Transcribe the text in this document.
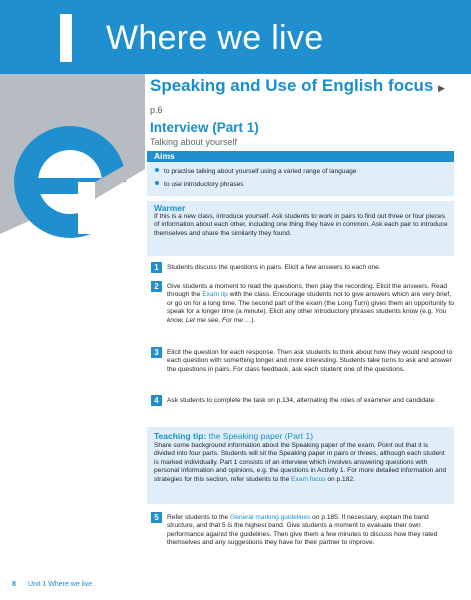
Where we live
Speaking and Use of English focus ▶ p.6
Interview (Part 1)
Talking about yourself
Aims
to practise talking about yourself using a varied range of language
to use introductory phrases
Warmer
If this is a new class, introduce yourself. Ask students to work in pairs to find out three or four pieces of information about each other, including one thing they have in common. Ask each pair to introduce themselves and share the similarity they found.
1	Students discuss the questions in pairs. Elicit a few answers to each one.
2	Give students a moment to read the questions, then play the recording. Elicit the answers. Read through the Exam tip with the class. Encourage students not to give answers which are very brief, or go on for a long time. The second part of the exam (the Long Turn) gives them an opportunity to speak for a longer time (a minute). Elicit any other introductory phrases students know (e.g. You know, Let me see, For me …).
3	Elicit the question for each response. Then ask students to think about how they would respond to each question with something longer and more interesting. Students take turns to ask and answer the questions in pairs. For class feedback, ask each student one of the questions.
4	Ask students to complete the task on p.134, alternating the roles of examiner and candidate.
Teaching tip: the Speaking paper (Part 1)
Share some background information about the Speaking paper of the exam. Point out that it is divided into four parts. Students will sit the Speaking paper in pairs or threes, although each student is marked individually. Part 1 consists of an interview which involves answering questions with personal information and opinions, e.g. the questions in Activity 1. For more detailed information and strategies for this section, refer students to the Exam focus on p.182.
5	Refer students to the General marking guidelines on p.185. If necessary, explain the band structure, and that 5 is the highest band. Give students a moment to evaluate their own performance against the guidelines. Then give them a few minutes to discuss how they rated themselves and any suggestions they have for their partner to improve.
8 Unit 1 Where we live
